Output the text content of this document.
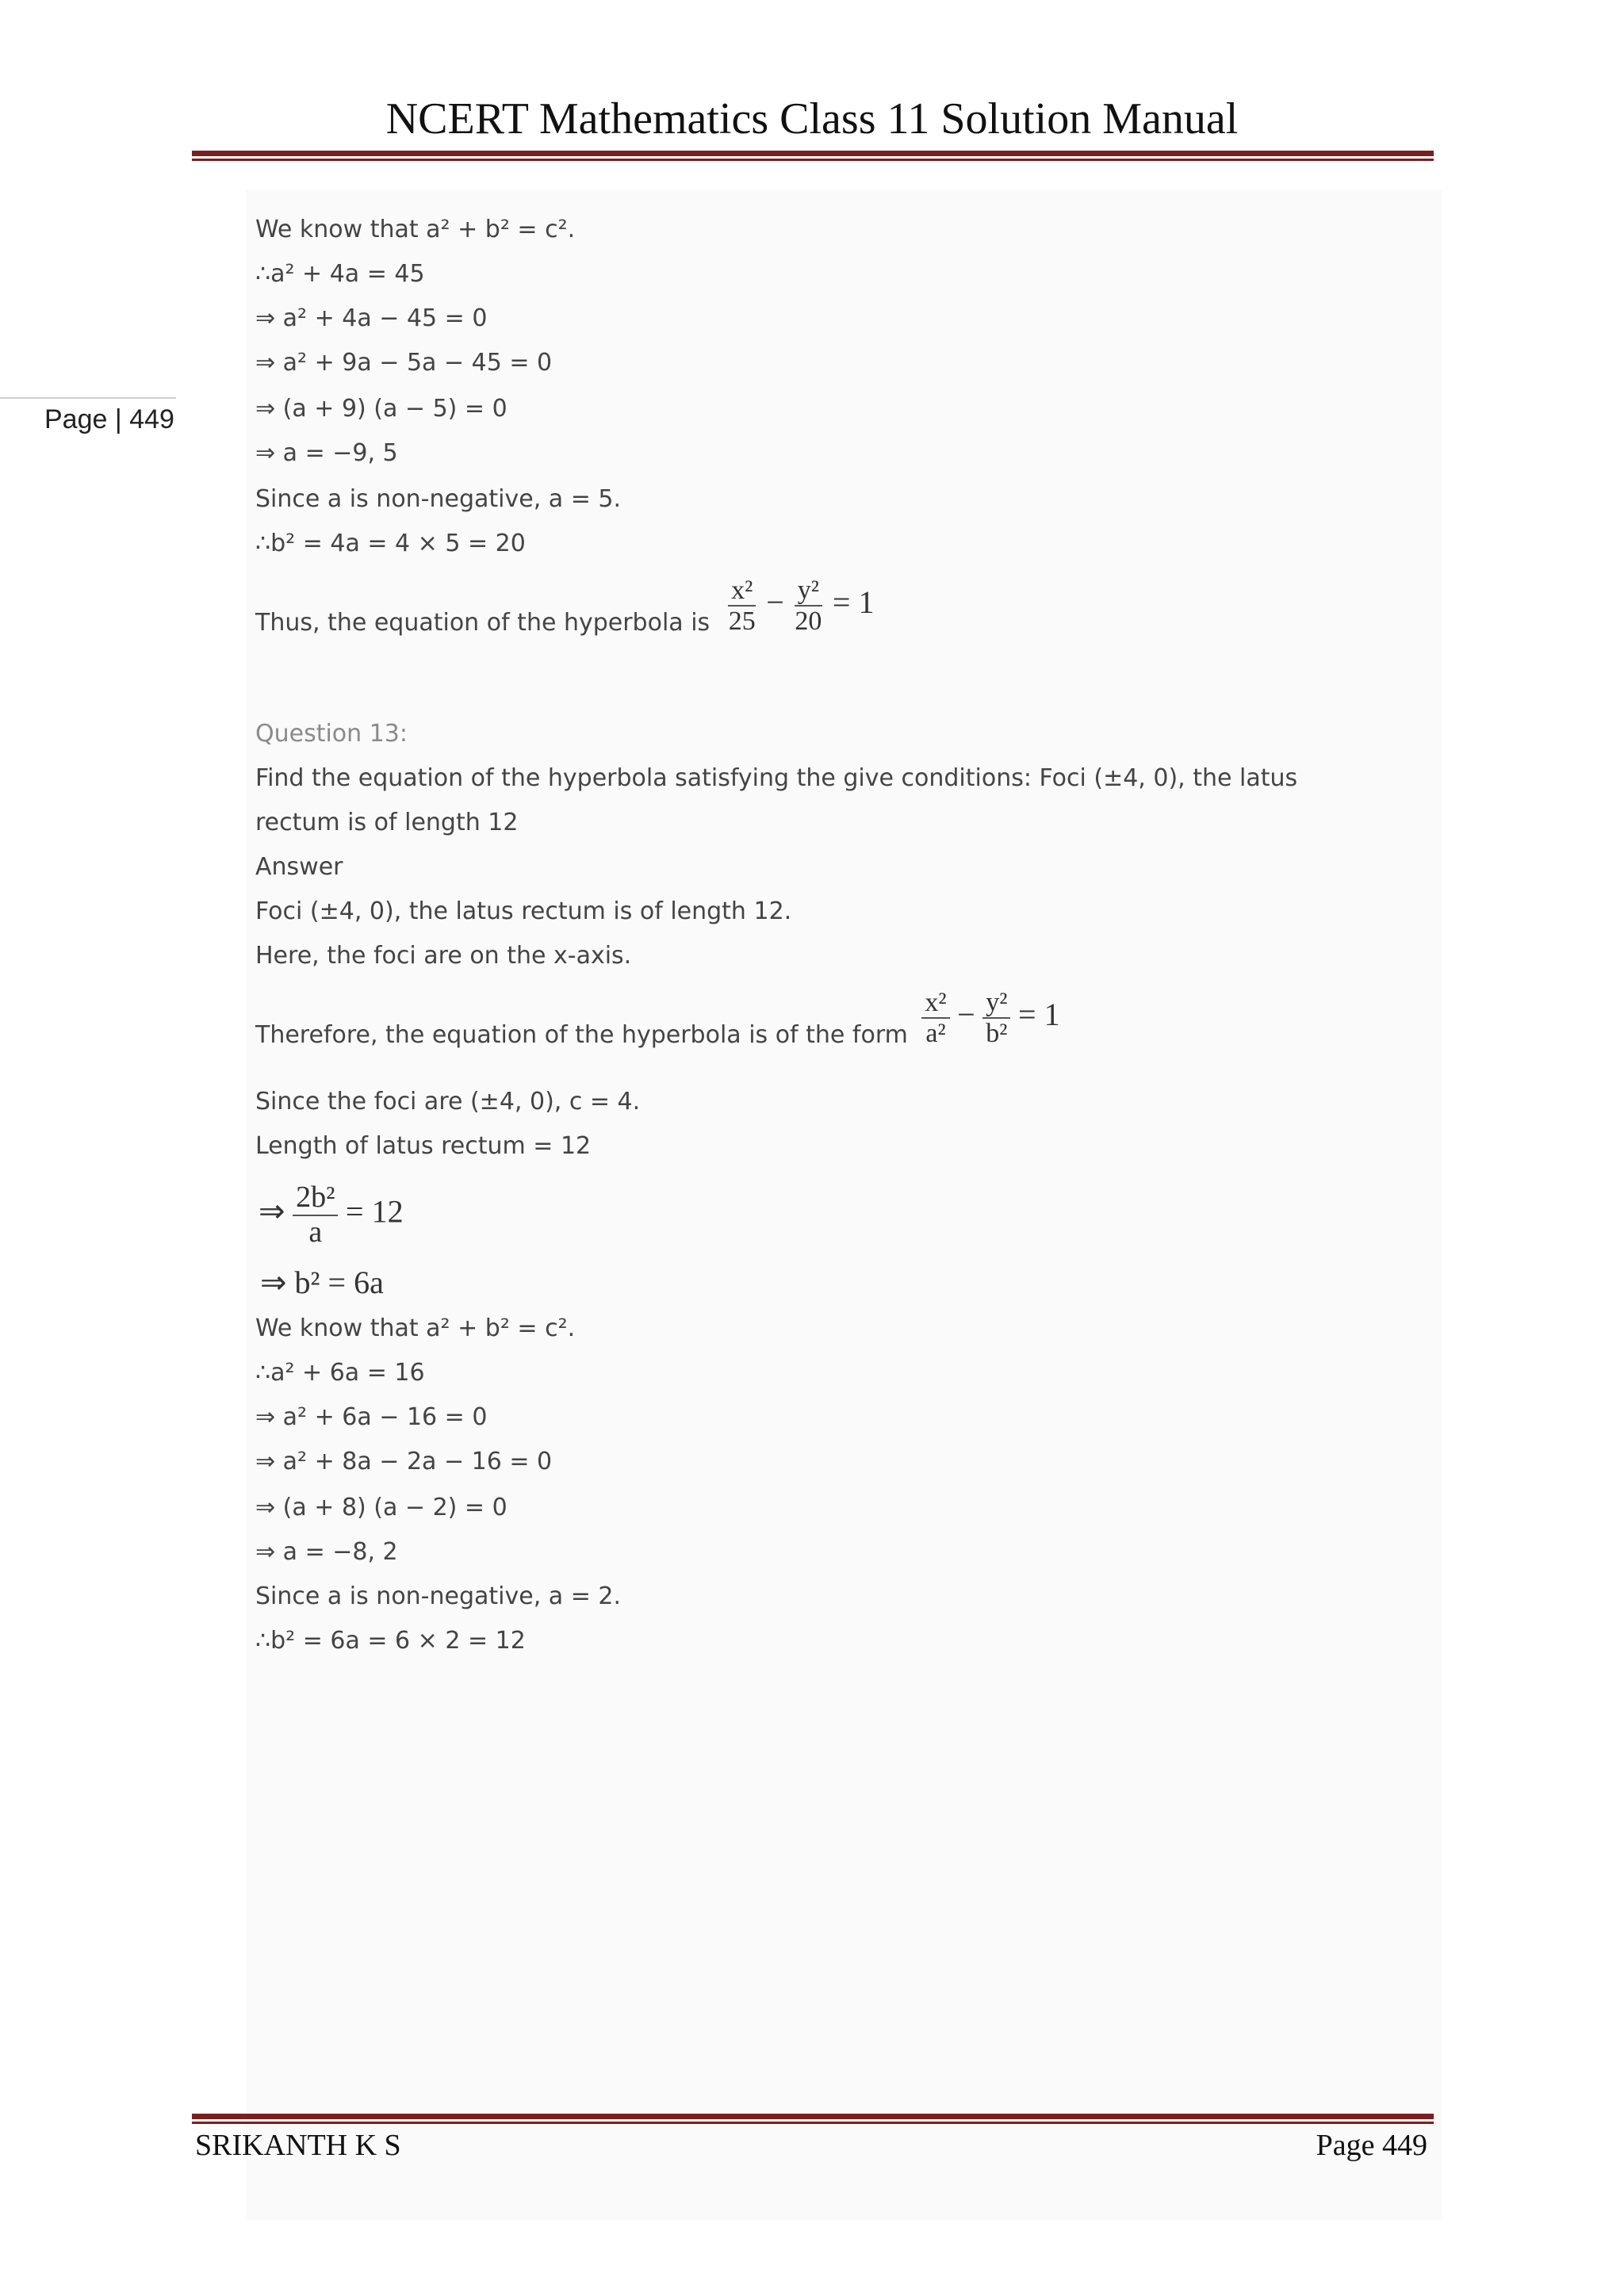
NCERT Mathematics Class 11 Solution Manual
Page | 449
We know that a² + b² = c².
∴a² + 4a = 45
⇒ a² + 4a − 45 = 0
⇒ a² + 9a − 5a − 45 = 0
⇒ (a + 9) (a − 5) = 0
⇒ a = −9, 5
Since a is non-negative, a = 5.
∴b² = 4a = 4 × 5 = 20
Thus, the equation of the hyperbola is $\frac{\text{x²}}{25} - \frac{\text{y²}}{20} = 1$
Question 13:
Find the equation of the hyperbola satisfying the give conditions: Foci (±4, 0), the latus
rectum is of length 12
Answer
Foci (±4, 0), the latus rectum is of length 12.
Here, the foci are on the x-axis.
Therefore, the equation of the hyperbola is of the form $\frac{\text{x²}}{\text{a²}} - \frac{\text{y²}}{\text{b²}} = 1$
Since the foci are (±4, 0), c = 4.
Length of latus rectum = 12
⇒ $\frac{\text{2b²}}{a} = 12$
⇒ b² = 6a
We know that a² + b² = c².
∴a² + 6a = 16
⇒ a² + 6a − 16 = 0
⇒ a² + 8a − 2a − 16 = 0
⇒ (a + 8) (a − 2) = 0
⇒ a = −8, 2
Since a is non-negative, a = 2.
∴b² = 6a = 6 × 2 = 12
SRIKANTH K S	Page 449
